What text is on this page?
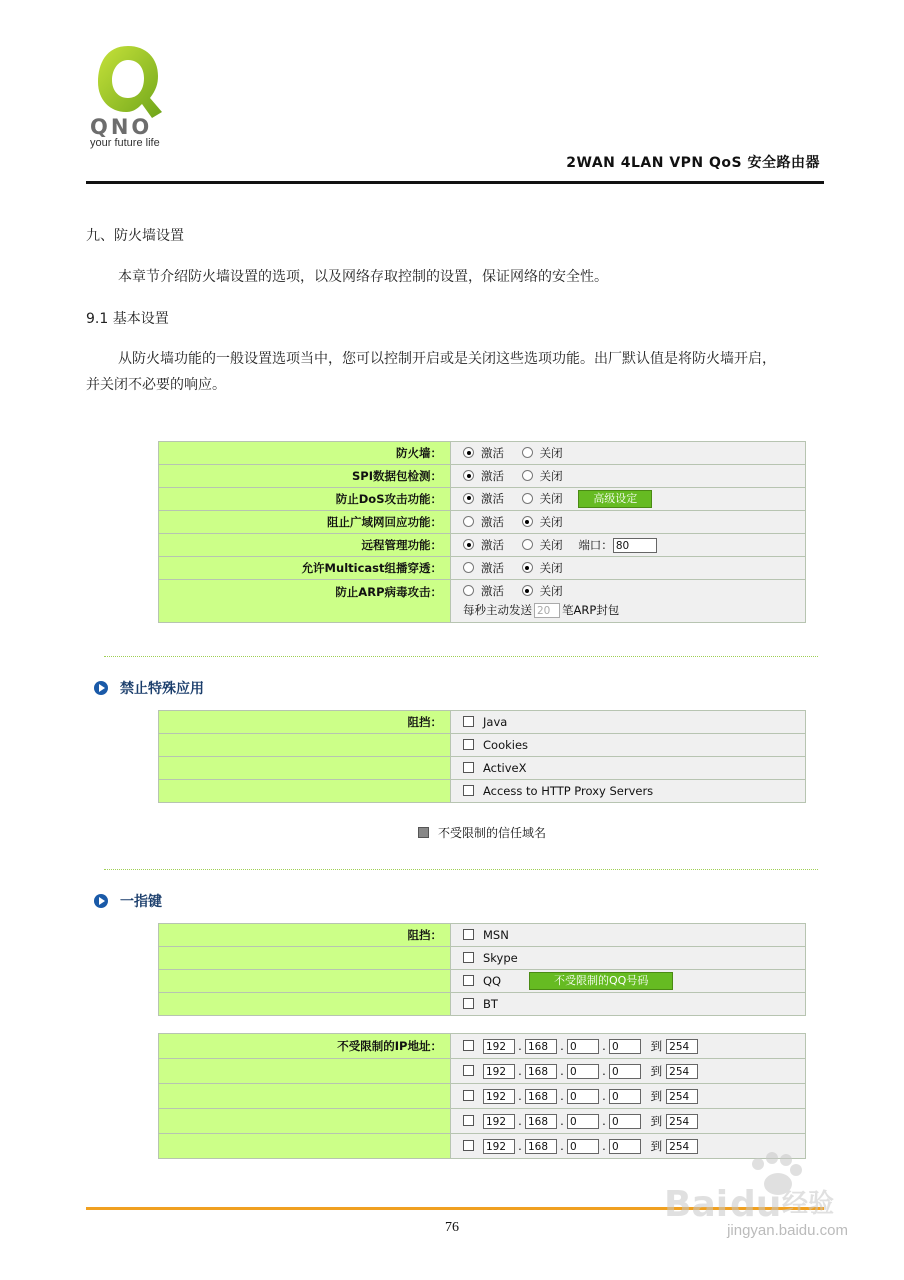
QNO
your future life
2WAN 4LAN VPN QoS 安全路由器
九、防火墙设置
本章节介绍防火墙设置的选项，以及网络存取控制的设置，保证网络的安全性。
9.1 基本设置
从防火墙功能的一般设置选项当中，您可以控制开启或是关闭这些选项功能。出厂默认值是将防火墙开启，
并关闭不必要的响应。
防火墙：	激活 关闭
SPI数据包检测：	激活 关闭
防止DoS攻击功能：	激活 关闭 高级设定
阻止广域网回应功能：	激活 关闭
远程管理功能：	激活 关闭 端口： 80
允许Multicast组播穿透：	激活 关闭
防止ARP病毒攻击：	激活 关闭
每秒主动发送 20 笔ARP封包
禁止特殊应用
阻挡：	Java
	Cookies
	ActiveX
	Access to HTTP Proxy Servers
不受限制的信任域名
一指键
阻挡：	MSN
	Skype
	QQ 不受限制的QQ号码
	BT
不受限制的IP地址：	192 . 168 . 0 . 0 到 254
	192 . 168 . 0 . 0 到 254
	192 . 168 . 0 . 0 到 254
	192 . 168 . 0 . 0 到 254
	192 . 168 . 0 . 0 到 254
76
Bai du 经验
jingyan.baidu.com
